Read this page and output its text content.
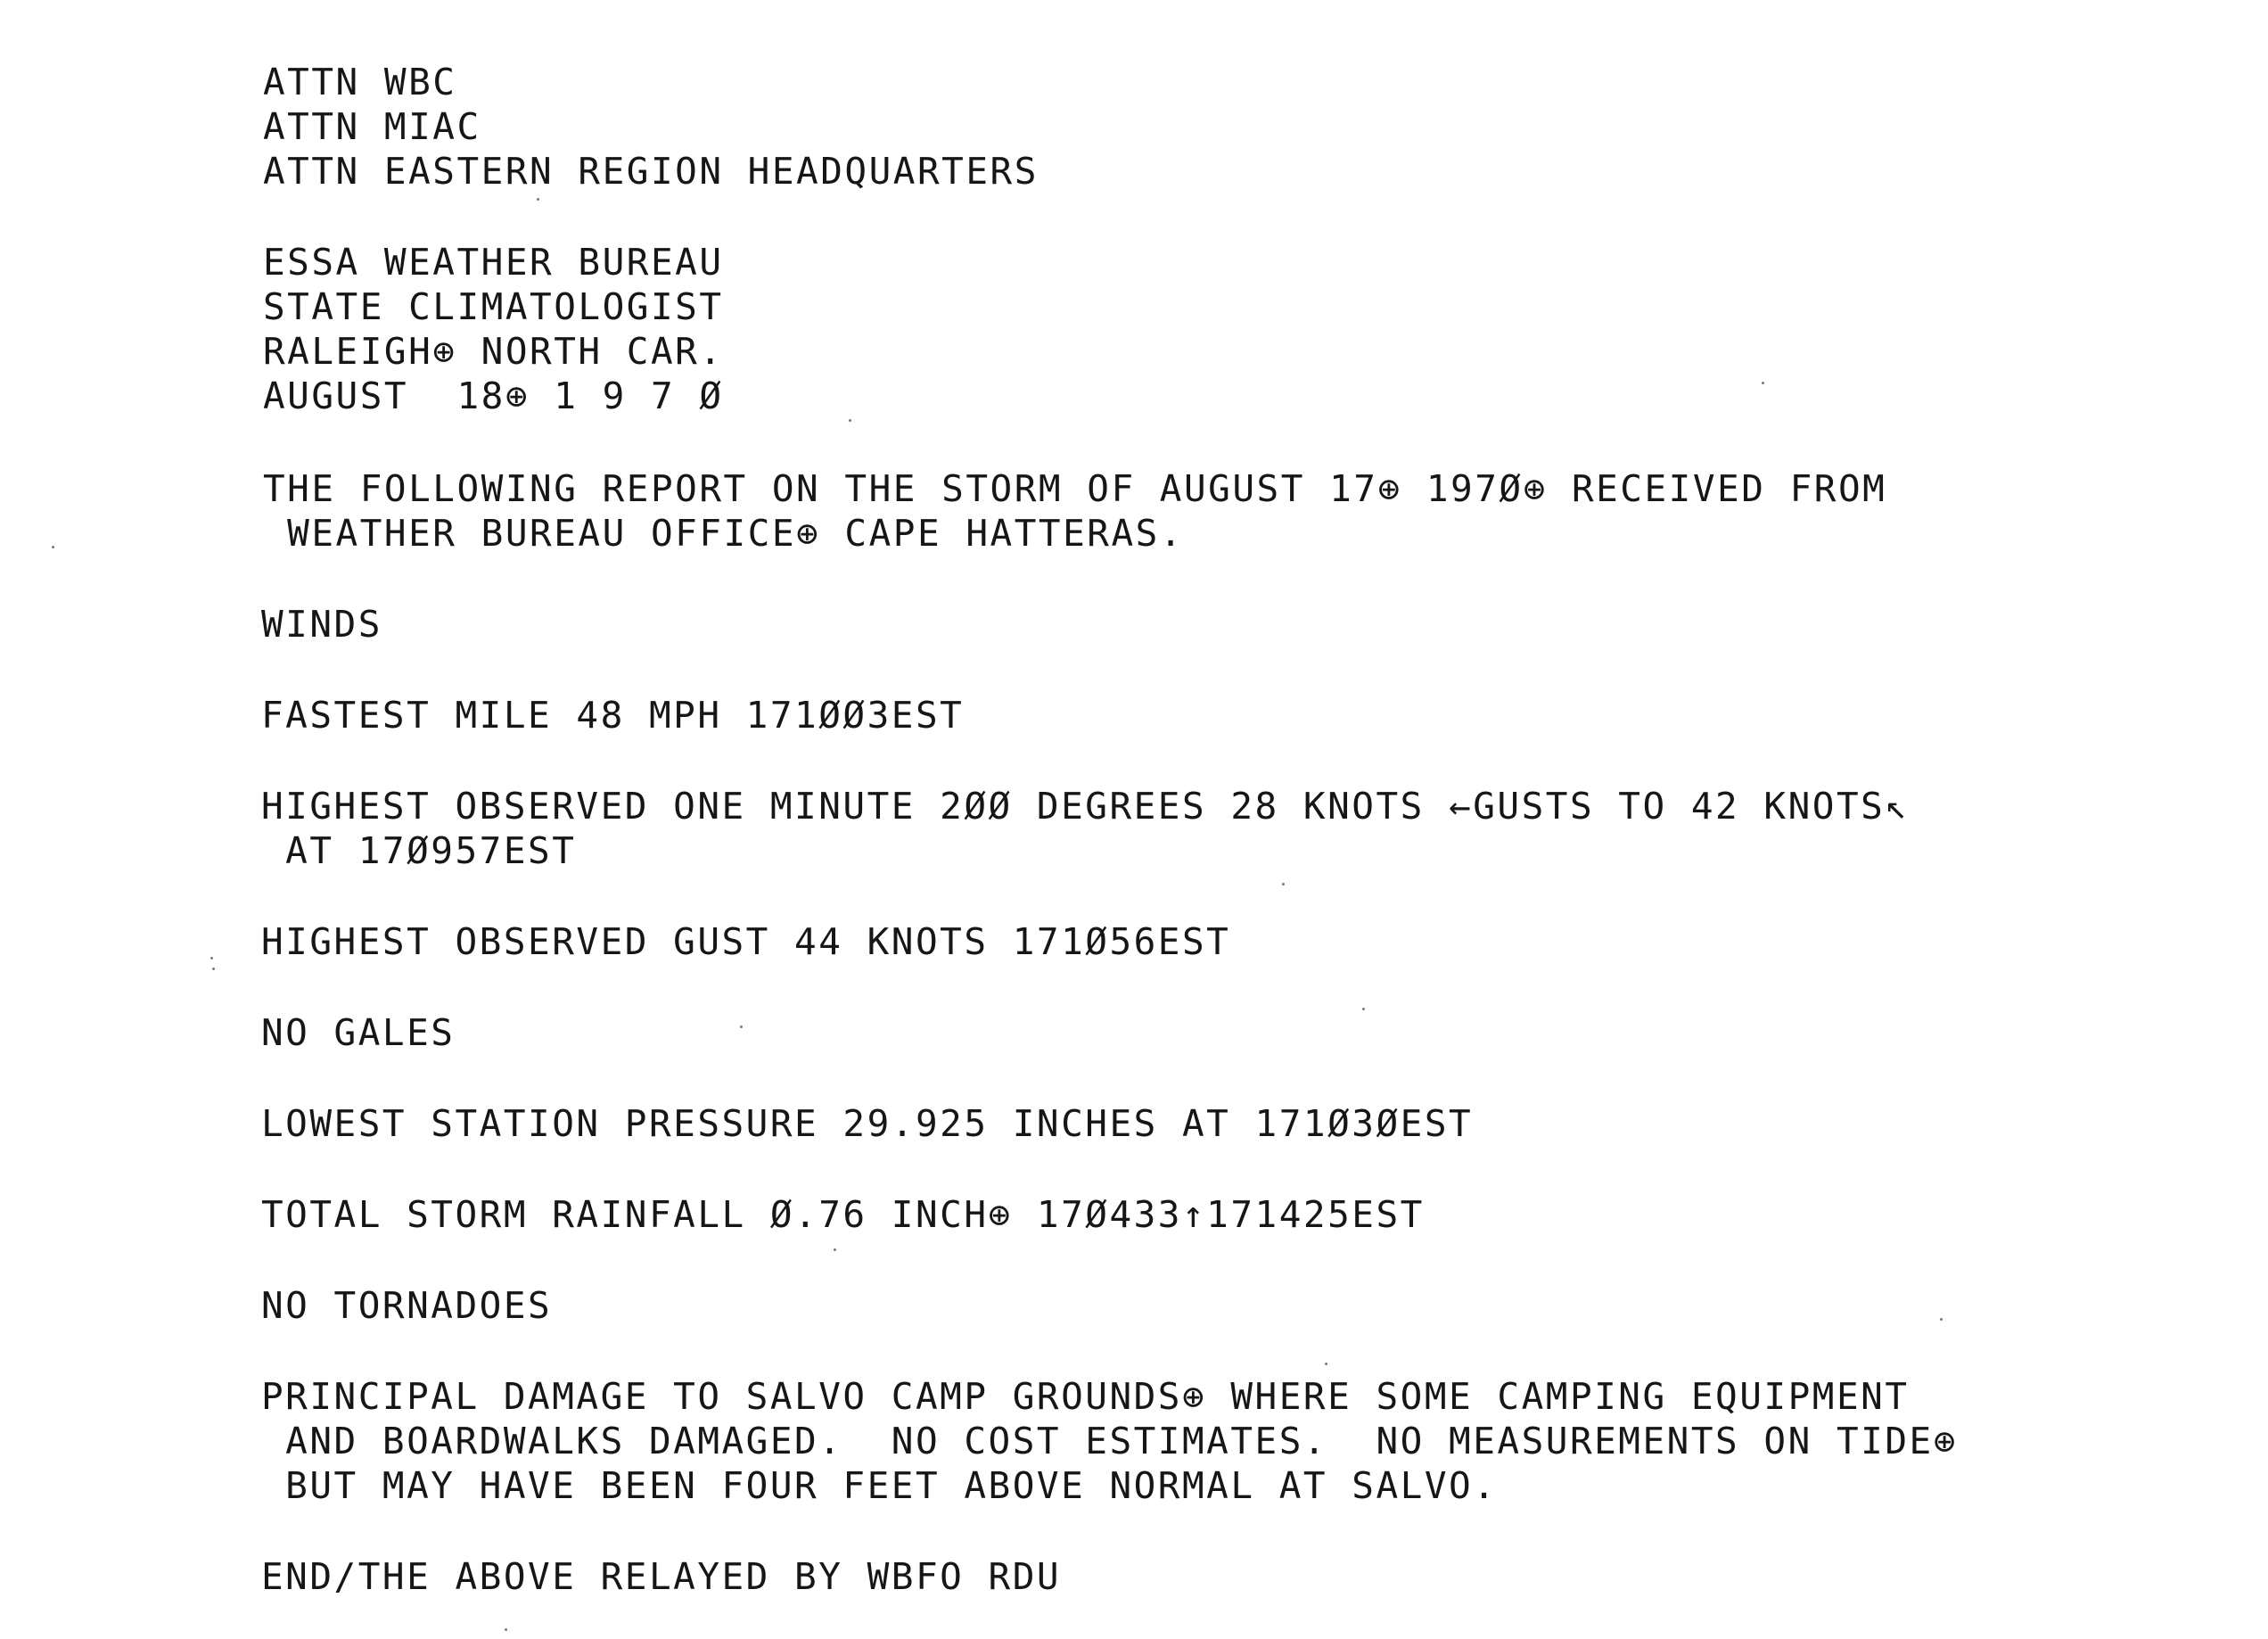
ATTN WBC
ATTN MIAC
ATTN EASTERN REGION HEADQUARTERS
ESSA WEATHER BUREAU
STATE CLIMATOLOGIST
RALEIGH⊕ NORTH CAR.
AUGUST  18⊕ 1 9 7 Ø
THE FOLLOWING REPORT ON THE STORM OF AUGUST 17⊕ 197Ø⊕ RECEIVED FROM
WEATHER BUREAU OFFICE⊕ CAPE HATTERAS.
WINDS
FASTEST MILE 48 MPH 171ØØ3EST
HIGHEST OBSERVED ONE MINUTE 2ØØ DEGREES 28 KNOTS ←GUSTS TO 42 KNOTS↖
AT 17Ø957EST
HIGHEST OBSERVED GUST 44 KNOTS 171Ø56EST
NO GALES
LOWEST STATION PRESSURE 29.925 INCHES AT 171Ø3ØEST
TOTAL STORM RAINFALL Ø.76 INCH⊕ 17Ø433↑171425EST
NO TORNADOES
PRINCIPAL DAMAGE TO SALVO CAMP GROUNDS⊕ WHERE SOME CAMPING EQUIPMENT
AND BOARDWALKS DAMAGED.  NO COST ESTIMATES.  NO MEASUREMENTS ON TIDE⊕
BUT MAY HAVE BEEN FOUR FEET ABOVE NORMAL AT SALVO.
END/THE ABOVE RELAYED BY WBFO RDU
